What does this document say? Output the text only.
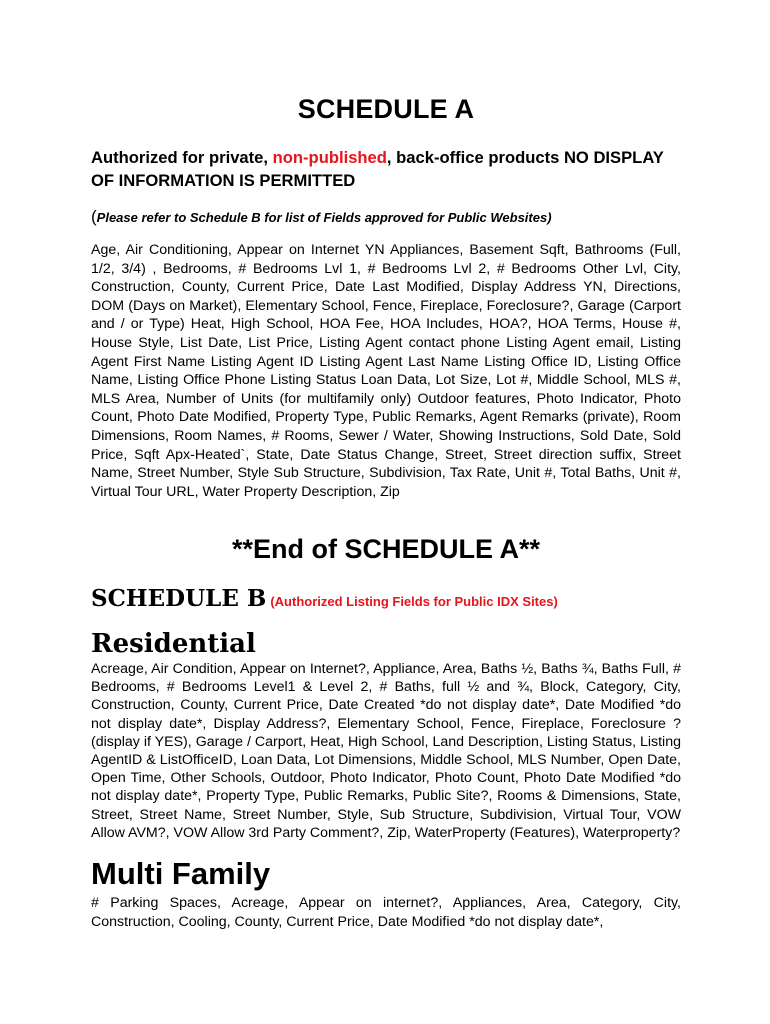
SCHEDULE A
Authorized for private, non-published, back-office products NO DISPLAY OF INFORMATION IS PERMITTED
(Please refer to Schedule B for list of Fields approved for Public Websites)
Age, Air Conditioning, Appear on Internet YN Appliances, Basement Sqft, Bathrooms (Full, 1/2, 3/4) , Bedrooms, # Bedrooms Lvl 1, # Bedrooms Lvl 2, # Bedrooms Other Lvl, City, Construction, County, Current Price, Date Last Modified, Display Address YN, Directions, DOM (Days on Market), Elementary School, Fence, Fireplace, Foreclosure?, Garage (Carport and / or Type) Heat, High School, HOA Fee, HOA Includes, HOA?, HOA Terms, House #, House Style, List Date, List Price, Listing Agent contact phone Listing Agent email, Listing Agent First Name Listing Agent ID Listing Agent Last Name Listing Office ID, Listing Office Name, Listing Office Phone Listing Status Loan Data, Lot Size, Lot #, Middle School, MLS #, MLS Area, Number of Units (for multifamily only) Outdoor features, Photo Indicator, Photo Count, Photo Date Modified, Property Type, Public Remarks, Agent Remarks (private), Room Dimensions, Room Names, # Rooms, Sewer / Water, Showing Instructions, Sold Date, Sold Price, Sqft Apx-Heated`, State, Date Status Change, Street, Street direction suffix, Street Name, Street Number, Style Sub Structure, Subdivision, Tax Rate, Unit #, Total Baths, Unit #, Virtual Tour URL, Water Property Description, Zip
**End of SCHEDULE A**
SCHEDULE B (Authorized Listing Fields for Public IDX Sites)
Residential
Acreage, Air Condition, Appear on Internet?, Appliance, Area, Baths ½, Baths ¾, Baths Full, # Bedrooms, # Bedrooms Level1 & Level 2, # Baths, full ½ and ¾, Block, Category, City, Construction, County, Current Price, Date Created *do not display date*, Date Modified *do not display date*, Display Address?, Elementary School, Fence, Fireplace, Foreclosure ? (display if YES), Garage / Carport, Heat, High School, Land Description, Listing Status, Listing AgentID & ListOfficeID, Loan Data, Lot Dimensions, Middle School, MLS Number, Open Date, Open Time, Other Schools, Outdoor, Photo Indicator, Photo Count, Photo Date Modified *do not display date*, Property Type, Public Remarks, Public Site?, Rooms & Dimensions, State, Street, Street Name, Street Number, Style, Sub Structure, Subdivision, Virtual Tour, VOW Allow AVM?, VOW Allow 3rd Party Comment?, Zip, WaterProperty (Features), Waterproperty?
Multi Family
# Parking Spaces, Acreage, Appear on internet?, Appliances, Area, Category, City, Construction, Cooling, County, Current Price, Date Modified *do not display date*,
